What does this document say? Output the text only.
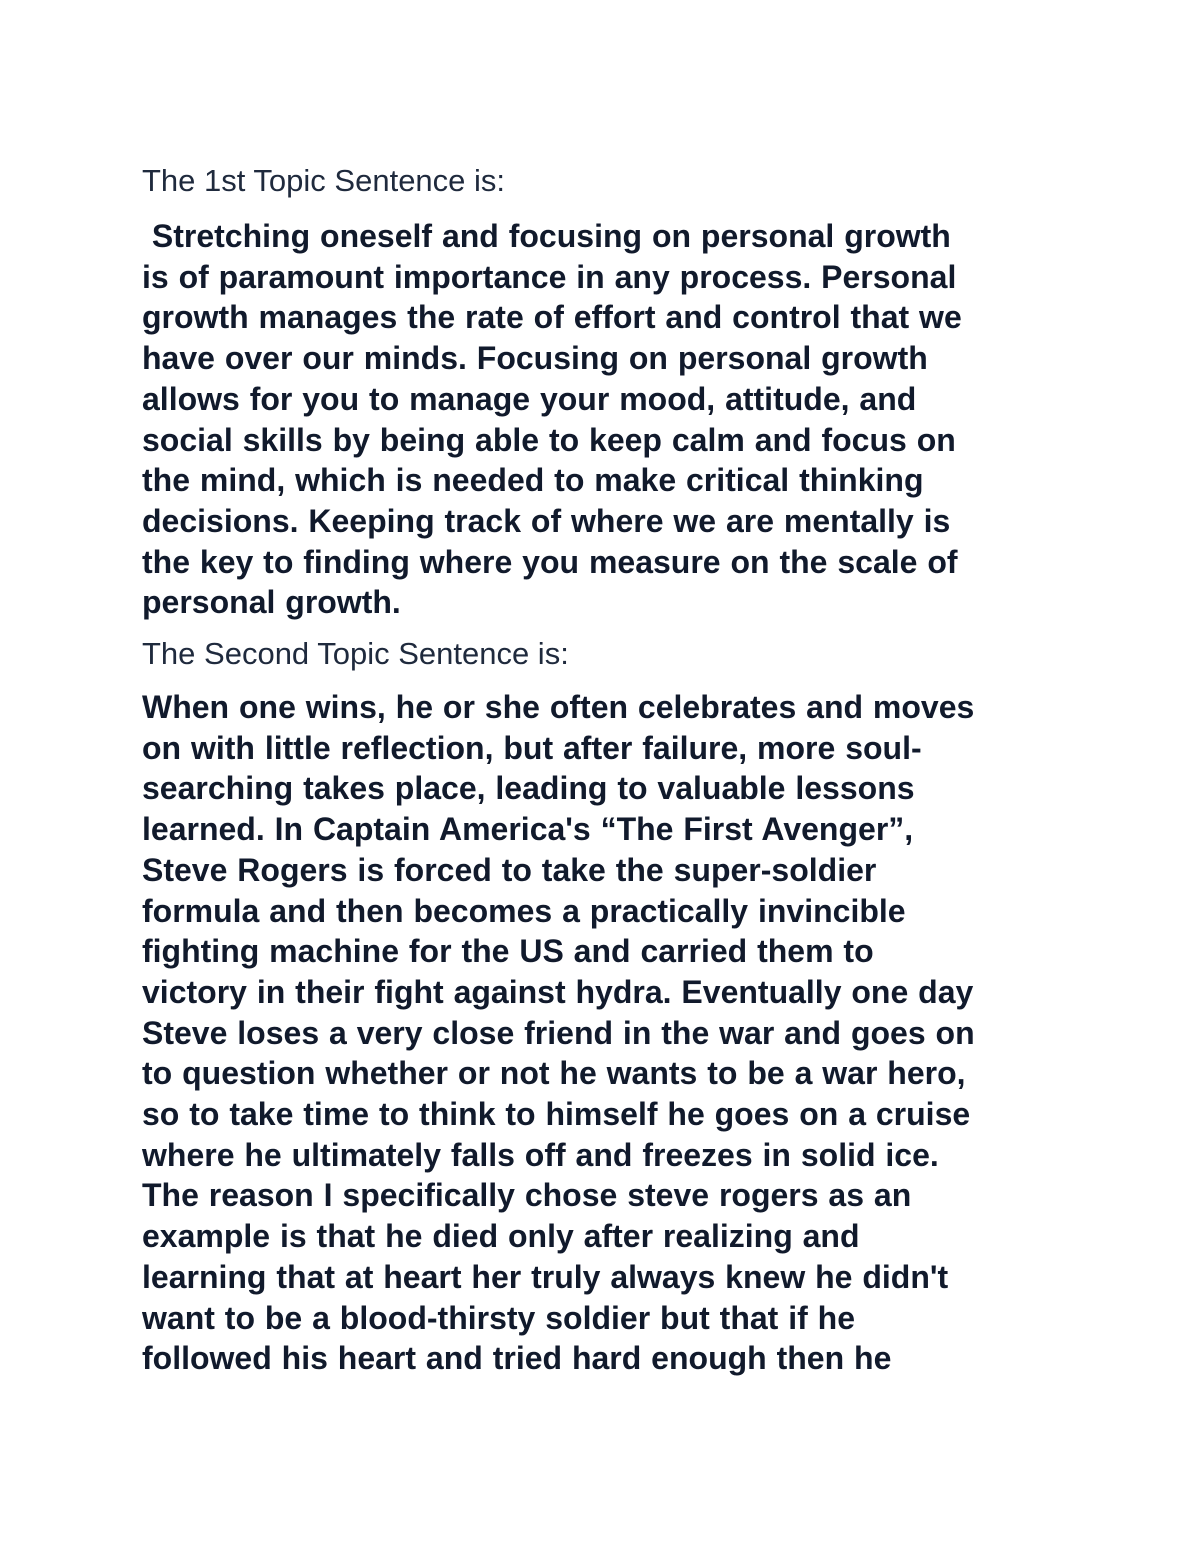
The 1st Topic Sentence is:
Stretching oneself and focusing on personal growth
is of paramount importance in any process. Personal
growth manages the rate of effort and control that we
have over our minds. Focusing on personal growth
allows for you to manage your mood, attitude, and
social skills by being able to keep calm and focus on
the mind, which is needed to make critical thinking
decisions. Keeping track of where we are mentally is
the key to finding where you measure on the scale of
personal growth.
The Second Topic Sentence is:
When one wins, he or she often celebrates and moves
on with little reflection, but after failure, more soul-
searching takes place, leading to valuable lessons
learned. In Captain America's “The First Avenger”,
Steve Rogers is forced to take the super-soldier
formula and then becomes a practically invincible
fighting machine for the US and carried them to
victory in their fight against hydra. Eventually one day
Steve loses a very close friend in the war and goes on
to question whether or not he wants to be a war hero,
so to take time to think to himself he goes on a cruise
where he ultimately falls off and freezes in solid ice.
The reason I specifically chose steve rogers as an
example is that he died only after realizing and
learning that at heart her truly always knew he didn't
want to be a blood-thirsty soldier but that if he
followed his heart and tried hard enough then he
